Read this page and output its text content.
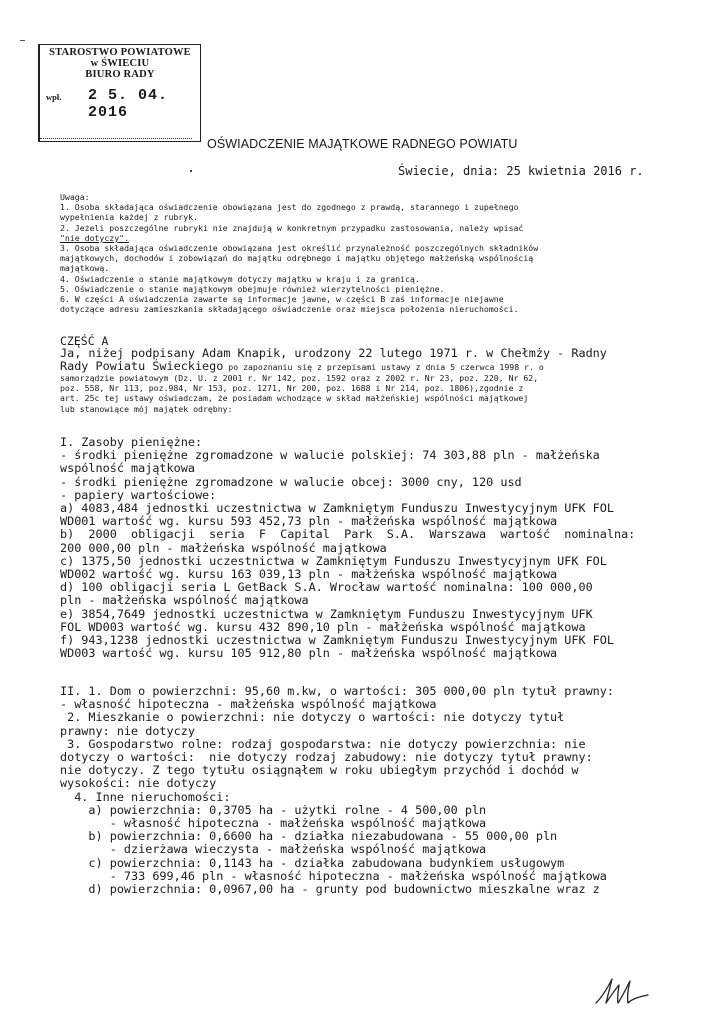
STAROSTWO POWIATOWE
w ŚWIECIU
BIURO RADY
wpł. 2 5. 04. 2016
OŚWIADCZENIE MAJĄTKOWE RADNEGO POWIATU
Świecie, dnia: 25 kwietnia 2016 r.
Uwaga:
1. Osoba składająca oświadczenie obowiązana jest do zgodnego z prawdą, starannego i zupełnego
wypełnienia każdej z rubryk.
2. Jeżeli poszczególne rubryki nie znajdują w konkretnym przypadku zastosowania, należy wpisać
"nie dotyczy".
3. Osoba składająca oświadczenie obowiązana jest określić przynależność poszczególnych składników
majątkowych, dochodów i zobowiązań do majątku odrębnego i majątku objętego małżeńską wspólnością
majątkową.
4. Oświadczenie o stanie majątkowym dotyczy majątku w kraju i za granicą.
5. Oświadczenie o stanie majątkowym obejmuje również wierzytelności pieniężne.
6. W części A oświadczenia zawarte są informacje jawne, w części B zaś informacje niejawne
dotyczące adresu zamieszkania składającego oświadczenie oraz miejsca położenia nieruchomości.
CZĘŚĆ A
Ja, niżej podpisany Adam Knapik, urodzony 22 lutego 1971 r. w Chełmży - Radny
Rady Powiatu Świeckiego po zapoznaniu się z przepisami ustawy z dnia 5 czerwca 1998 r. o
samorządzie powiatowym (Dz. U. z 2001 r. Nr 142, poz. 1592 oraz z 2002 r. Nr 23, poz. 220, Nr 62,
poz. 558, Nr 113, poz.984, Nr 153, poz. 1271, Nr 200, poz. 1688 i Nr 214, poz. 1806),zgodnie z
art. 25c tej ustawy oświadczam, że posiadam wchodzące w skład małżeńskiej wspólności majątkowej
lub stanowiące mój majątek odrębny:
I. Zasoby pieniężne:
- środki pieniężne zgromadzone w walucie polskiej: 74 303,88 pln - małżeńska
wspólność majątkowa
- środki pieniężne zgromadzone w walucie obcej: 3000 cny, 120 usd
- papiery wartościowe:
a) 4083,484 jednostki uczestnictwa w Zamkniętym Funduszu Inwestycyjnym UFK FOL
WD001 wartość wg. kursu 593 452,73 pln - małżeńska wspólność majątkowa
b)  2000  obligacji  seria  F  Capital  Park  S.A.  Warszawa  wartość  nominalna:
200 000,00 pln - małżeńska wspólność majątkowa
c) 1375,50 jednostki uczestnictwa w Zamkniętym Funduszu Inwestycyjnym UFK FOL
WD002 wartość wg. kursu 163 039,13 pln - małżeńska wspólność majątkowa
d) 100 obligacji seria L GetBack S.A. Wrocław wartość nominalna: 100 000,00
pln - małżeńska wspólność majątkowa
e) 3854,7649 jednostki uczestnictwa w Zamkniętym Funduszu Inwestycyjnym UFK
FOL WD003 wartość wg. kursu 432 890,10 pln - małżeńska wspólność majątkowa
f) 943,1238 jednostki uczestnictwa w Zamkniętym Funduszu Inwestycyjnym UFK FOL
WD003 wartość wg. kursu 105 912,80 pln - małżeńska wspólność majątkowa
II. 1. Dom o powierzchni: 95,60 m.kw, o wartości: 305 000,00 pln tytuł prawny:
- własność hipoteczna - małżeńska wspólność majątkowa
2. Mieszkanie o powierzchni: nie dotyczy o wartości: nie dotyczy tytuł
prawny: nie dotyczy
3. Gospodarstwo rolne: rodzaj gospodarstwa: nie dotyczy powierzchnia: nie
dotyczy o wartości:  nie dotyczy rodzaj zabudowy: nie dotyczy tytuł prawny:
nie dotyczy. Z tego tytułu osiągnąłem w roku ubiegłym przychód i dochód w
wysokości: nie dotyczy
4. Inne nieruchomości:
a) powierzchnia: 0,3705 ha - użytki rolne - 4 500,00 pln
- własność hipoteczna - małżeńska wspólność majątkowa
b) powierzchnia: 0,6600 ha - działka niezabudowana - 55 000,00 pln
- dzierżawa wieczysta - małżeńska wspólność majątkowa
c) powierzchnia: 0,1143 ha - działka zabudowana budynkiem usługowym
- 733 699,46 pln - własność hipoteczna - małżeńska wspólność majątkowa
d) powierzchnia: 0,0967,00 ha - grunty pod budownictwo mieszkalne wraz z
